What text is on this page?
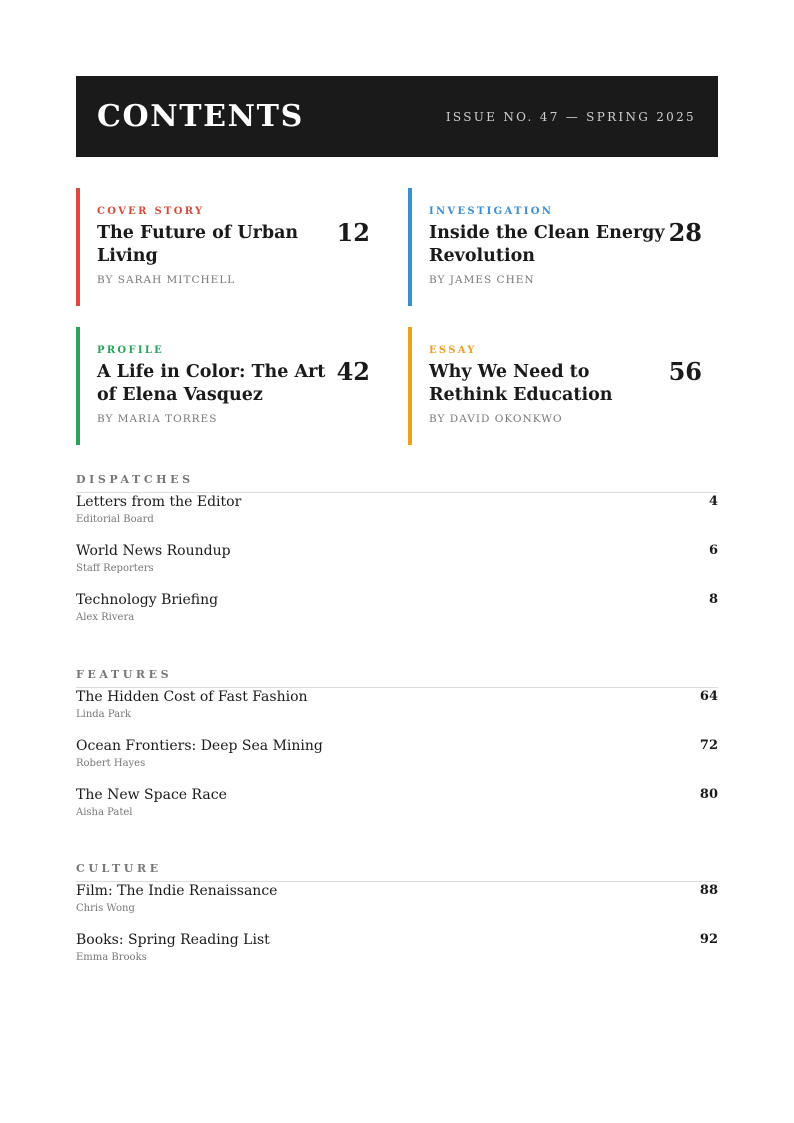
CONTENTS	ISSUE NO. 47 — SPRING 2025
COVER STORY
The Future of Urban Living
12
BY SARAH MITCHELL
INVESTIGATION
Inside the Clean Energy Revolution
28
BY JAMES CHEN
PROFILE
A Life in Color: The Art of Elena Vasquez
42
BY MARIA TORRES
ESSAY
Why We Need to Rethink Education
56
BY DAVID OKONKWO
DISPATCHES
Letters from the Editor
Editorial Board
4
World News Roundup
Staff Reporters
6
Technology Briefing
Alex Rivera
8
FEATURES
The Hidden Cost of Fast Fashion
Linda Park
64
Ocean Frontiers: Deep Sea Mining
Robert Hayes
72
The New Space Race
Aisha Patel
80
CULTURE
Film: The Indie Renaissance
Chris Wong
88
Books: Spring Reading List
Emma Brooks
92
